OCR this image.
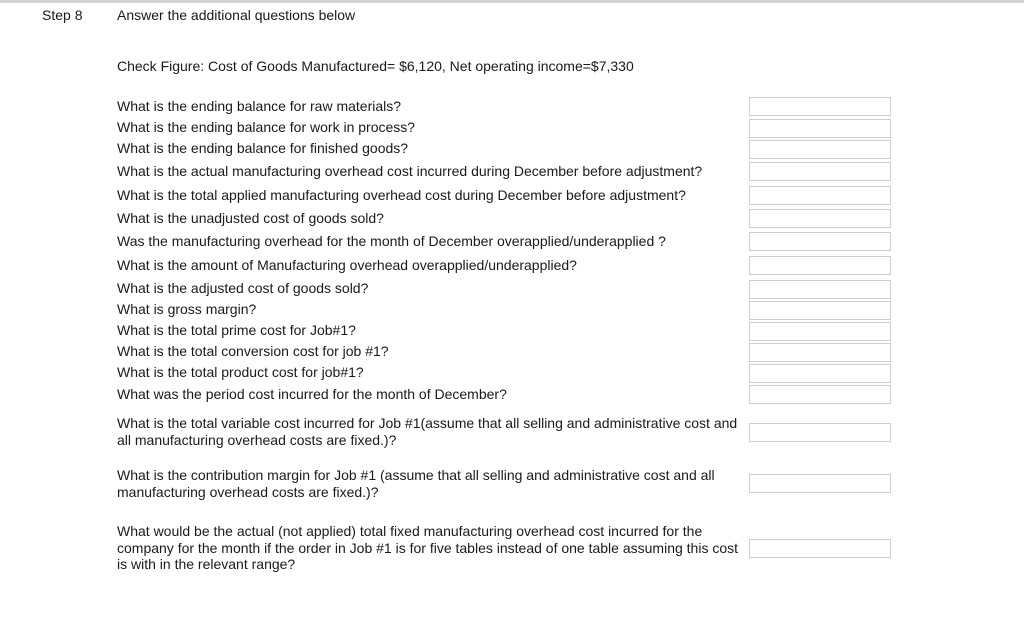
Step 8 Answer the additional questions below
Check Figure: Cost of Goods Manufactured= $6,120, Net operating income=$7,330
What is the ending balance for raw materials?
What is the ending balance for work in process?
What is the ending balance for finished goods?
What is the actual manufacturing overhead cost incurred during December before adjustment?
What is the total applied manufacturing overhead cost during December before adjustment?
What is the unadjusted cost of goods sold?
Was the manufacturing overhead for the month of December overapplied/underapplied ?
What is the amount of Manufacturing overhead overapplied/underapplied?
What is the adjusted cost of goods sold?
What is gross margin?
What is the total prime cost for Job#1?
What is the total conversion cost for job #1?
What is the total product cost for job#1?
What was the period cost incurred for the month of December?
What is the total variable cost incurred for Job #1(assume that all selling and administrative cost and all manufacturing overhead costs are fixed.)?
What is the contribution margin for Job #1 (assume that all selling and administrative cost and all manufacturing overhead costs are fixed.)?
What would be the actual (not applied) total fixed manufacturing overhead cost incurred for the company for the month if the order in Job #1 is for five tables instead of one table assuming this cost is with in the relevant range?
